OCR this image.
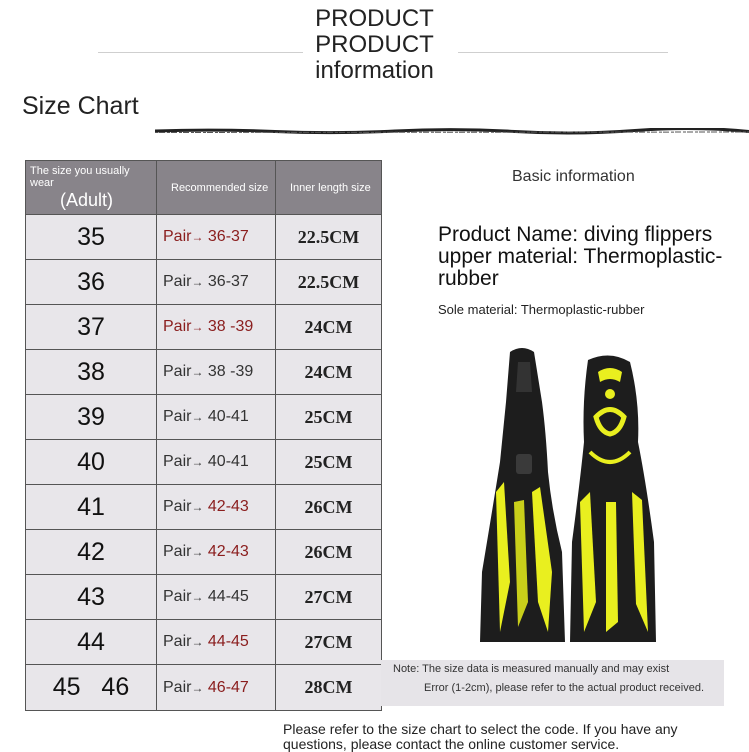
PRODUCT
PRODUCT
information
Size Chart
The size you usually wear
(Adult)	Recommended size	Inner length size
35	Pair→ 36-37	22.5CM
36	Pair→ 36-37	22.5CM
37	Pair→ 38 -39	24CM
38	Pair→ 38 -39	24CM
39	Pair→ 40-41	25CM
40	Pair→ 40-41	25CM
41	Pair→ 42-43	26CM
42	Pair→ 42-43	26CM
43	Pair→ 44-45	27CM
44	Pair→ 44-45	27CM
45   46	Pair→ 46-47	28CM
Basic information
Product Name: diving flippers upper material: Thermoplastic-rubber
Sole material: Thermoplastic-rubber
Note: The size data is measured manually and may exist
Error (1-2cm), please refer to the actual product received.
Please refer to the size chart to select the code. If you have any questions, please contact the online customer service.
